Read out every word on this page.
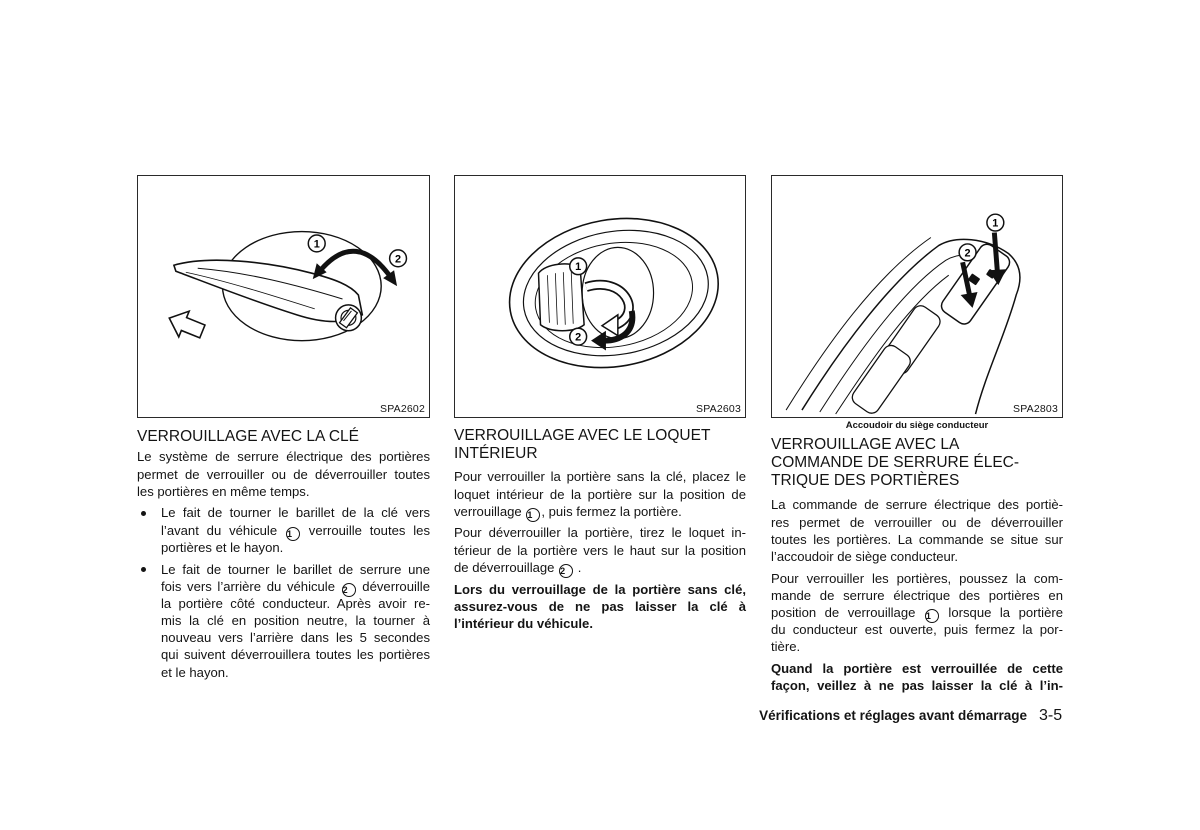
1
2
SPA2602
1
2
SPA2603
1
2
SPA2803
Accoudoir du siège conducteur
VERROUILLAGE AVEC LA CLÉ
Le système de serrure électrique des portières
permet de verrouiller ou de déverrouiller toutes
les portières en même temps.
Le fait de tourner le barillet de la clé vers
l’avant du véhicule 1 verrouille toutes les
portières et le hayon.
Le fait de tourner le barillet de serrure une
fois vers l’arrière du véhicule 2 déverrouille
la portière côté conducteur. Après avoir re-
mis la clé en position neutre, la tourner à
nouveau vers l’arrière dans les 5 secondes
qui suivent déverrouillera toutes les portières
et le hayon.
VERROUILLAGE AVEC LE LOQUET
INTÉRIEUR
Pour verrouiller la portière sans la clé, placez le
loquet intérieur de la portière sur la position de
verrouillage 1 , puis fermez la portière.
Pour déverrouiller la portière, tirez le loquet in-
térieur de la portière vers le haut sur la position
de déverrouillage 2 .
Lors du verrouillage de la portière sans clé,
assurez-vous de ne pas laisser la clé à
l’intérieur du véhicule.
VERROUILLAGE AVEC LA
COMMANDE DE SERRURE ÉLEC-
TRIQUE DES PORTIÈRES
La commande de serrure électrique des portiè-
res permet de verrouiller ou de déverrouiller
toutes les portières. La commande se situe sur
l’accoudoir de siège conducteur.
Pour verrouiller les portières, poussez la com-
mande de serrure électrique des portières en
position de verrouillage 1 lorsque la portière
du conducteur est ouverte, puis fermez la por-
tière.
Quand la portière est verrouillée de cette
façon, veillez à ne pas laisser la clé à l’in-
Vérifications et réglages avant démarrage 3-5
